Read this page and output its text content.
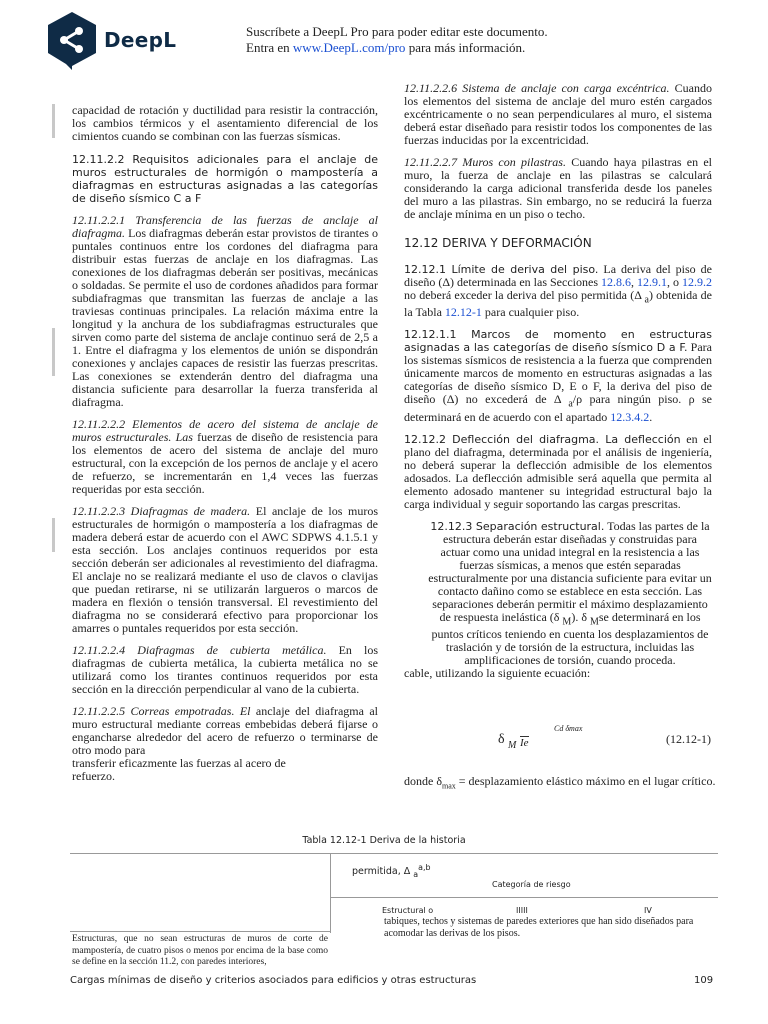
DeepL	Suscríbete a DeepL Pro para poder editar este documento.
Entra en www.DeepL.com/pro para más información.

capacidad de rotación y ductilidad para resistir la contracción, los cambios térmicos y el asentamiento diferencial de los cimientos cuando se combinan con las fuerzas sísmicas.

12.11.2.2 Requisitos adicionales para el anclaje de muros estructurales de hormigón o mampostería a diafragmas en estructuras asignadas a las categorías de diseño sísmico C a F

12.11.2.2.1 Transferencia de las fuerzas de anclaje al diafragma. Los diafragmas deberán estar provistos de tirantes o puntales continuos entre los cordones del diafragma para distribuir estas fuerzas de anclaje en los diafragmas. Las conexiones de los diafragmas deberán ser positivas, mecánicas o soldadas. Se permite el uso de cordones añadidos para formar subdiafragmas que transmitan las fuerzas de anclaje a las traviesas continuas principales. La relación máxima entre la longitud y la anchura de los subdiafragmas estructurales que sirven como parte del sistema de anclaje continuo será de 2,5 a 1. Entre el diafragma y los elementos de unión se dispondrán conexiones y anclajes capaces de resistir las fuerzas prescritas. Las conexiones se extenderán dentro del diafragma una distancia suficiente para desarrollar la fuerza transferida al diafragma.

12.11.2.2.2 Elementos de acero del sistema de anclaje de muros estructurales. Las fuerzas de diseño de resistencia para los elementos de acero del sistema de anclaje del muro estructural, con la excepción de los pernos de anclaje y el acero de refuerzo, se incrementarán en 1,4 veces las fuerzas requeridas por esta sección.

12.11.2.2.3 Diafragmas de madera. El anclaje de los muros estructurales de hormigón o mampostería a los diafragmas de madera deberá estar de acuerdo con el AWC SDPWS 4.1.5.1 y esta sección. Los anclajes continuos requeridos por esta sección deberán ser adicionales al revestimiento del diafragma. El anclaje no se realizará mediante el uso de clavos o clavijas que puedan retirarse, ni se utilizarán largueros o marcos de madera en flexión o tensión transversal. El revestimiento del diafragma no se considerará efectivo para proporcionar los amarres o puntales requeridos por esta sección.

12.11.2.2.4 Diafragmas de cubierta metálica. En los diafragmas de cubierta metálica, la cubierta metálica no se utilizará como los tirantes continuos requeridos por esta sección en la dirección perpendicular al vano de la cubierta.

12.11.2.2.5 Correas empotradas. El anclaje del diafragma al muro estructural mediante correas embebidas deberá fijarse o engancharse alrededor del acero de refuerzo o terminarse de otro modo para

transferir eficazmente las fuerzas al acero de refuerzo.

12.11.2.2.6 Sistema de anclaje con carga excéntrica. Cuando los elementos del sistema de anclaje del muro estén cargados excéntricamente o no sean perpendiculares al muro, el sistema deberá estar diseñado para resistir todos los componentes de las fuerzas inducidas por la excentricidad.

12.11.2.2.7 Muros con pilastras. Cuando haya pilastras en el muro, la fuerza de anclaje en las pilastras se calculará considerando la carga adicional transferida desde los paneles del muro a las pilastras. Sin embargo, no se reducirá la fuerza de anclaje mínima en un piso o techo.

12.12 DERIVA Y DEFORMACIÓN

12.12.1 Límite de deriva del piso. La deriva del piso de diseño (Δ) determinada en las Secciones 12.8.6, 12.9.1, o 12.9.2 no deberá exceder la deriva del piso permitida (Δ $_a$) obtenida de la Tabla 12.12-1 para cualquier piso.

12.12.1.1 Marcos de momento en estructuras asignadas a las categorías de diseño sísmico D a F. Para los sistemas sísmicos de resistencia a la fuerza que comprenden únicamente marcos de momento en estructuras asignadas a las categorías de diseño sísmico D, E o F, la deriva del piso de diseño (Δ) no excederá de Δ $_a$/ρ para ningún piso. ρ se determinará en de acuerdo con el apartado 12.3.4.2.

12.12.2 Deflección del diafragma. La deflección en el plano del diafragma, determinada por el análisis de ingeniería, no deberá superar la deflección admisible de los elementos adosados. La deflección admisible será aquella que permita al elemento adosado mantener su integridad estructural bajo la carga individual y seguir soportando las cargas prescritas.

12.12.3 Separación estructural. Todas las partes de la estructura deberán estar diseñadas y construidas para actuar como una unidad integral en la resistencia a las fuerzas sísmicas, a menos que estén separadas estructuralmente por una distancia suficiente para evitar un contacto dañino como se establece en esta sección. Las separaciones deberán permitir el máximo desplazamiento de respuesta inelástica (δ $_M$). δ $_M$se determinará en los puntos críticos teniendo en cuenta los desplazamientos de traslación y de torsión de la estructura, incluidas las amplificaciones de torsión, cuando proceda.

cable, utilizando la siguiente ecuación:

δ M Ie
Cd δmax
(12.12-1)

donde $\delta_{max}$ = desplazamiento elástico máximo en el lugar crítico.

Tabla 12.12-1 Deriva de la historia
permitida, Δ $_a^{a,b}$
Categoría de riesgo
Estructural o	IIIII	IV
tabiques, techos y sistemas de paredes exteriores que han sido diseñados para acomodar las derivas de los pisos.
Estructuras, que no sean estructuras de muros de corte de mampostería, de cuatro pisos o menos por encima de la base como se define en la sección 11.2, con paredes interiores,
Cargas mínimas de diseño y criterios asociados para edificios y otras estructuras	109
